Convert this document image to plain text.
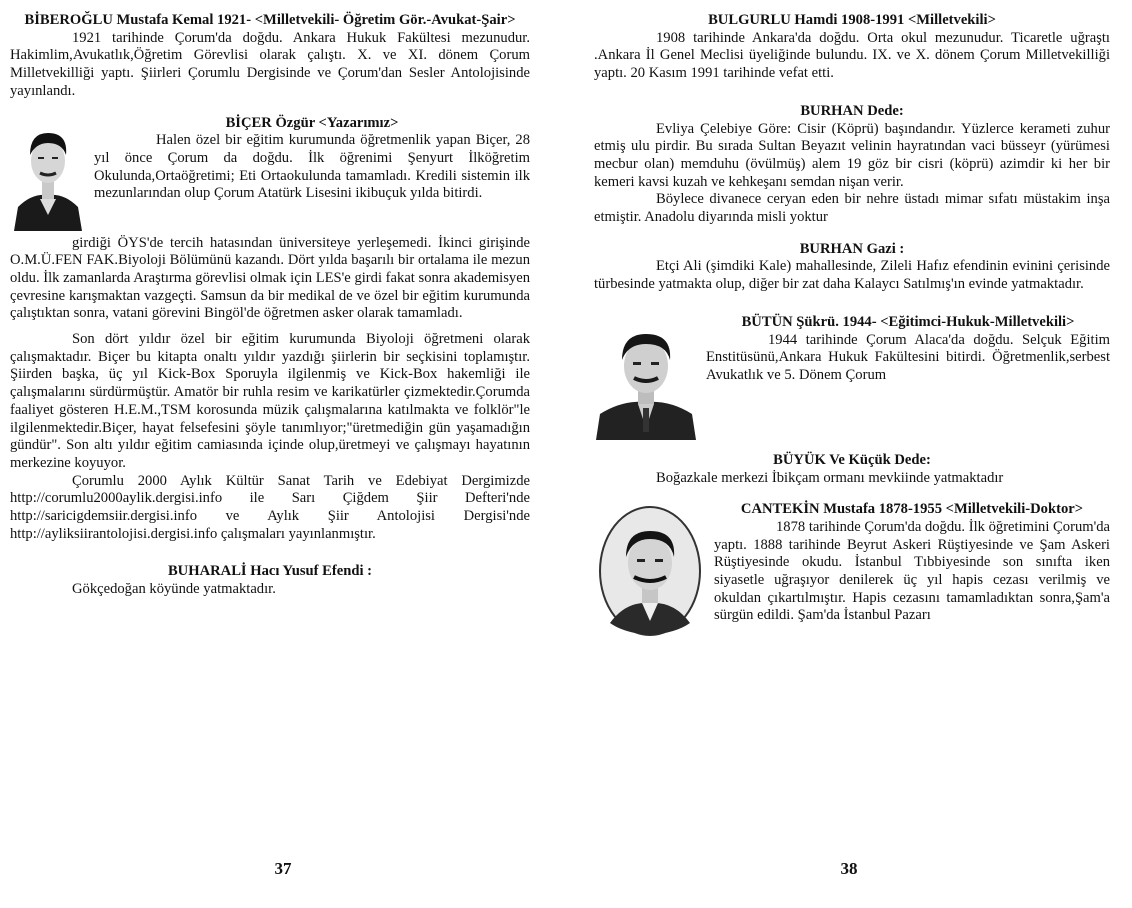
BİBEROĞLU Mustafa Kemal 1921- <Milletvekili- Öğretim Gör.-Avukat-Şair>

1921 tarihinde Çorum'da doğdu. Ankara Hukuk Fakültesi mezunudur. Hakimlim,Avukatlık,Öğretim Görevlisi olarak çalıştı. X. ve XI. dönem Çorum Milletvekilliği yaptı. Şiirleri Çorumlu Dergisinde ve Çorum'dan Sesler Antolojisinde yayınlandı.

BİÇER Özgür <Yazarımız>

Halen özel bir eğitim kurumunda öğretmenlik yapan Biçer, 28 yıl önce Çorum da doğdu. İlk öğrenimi Şenyurt İlköğretim Okulunda,Ortaöğretimi; Eti Ortaokulunda tamamladı. Kredili sistemin ilk mezunlarından olup Çorum Atatürk Lisesini ikibuçuk yılda bitirdi.

girdiği ÖYS'de tercih hatasından üniversiteye yerleşemedi. İkinci girişinde O.M.Ü.FEN FAK.Biyoloji Bölümünü kazandı. Dört yılda başarılı bir ortalama ile mezun oldu. İlk zamanlarda Araştırma görevlisi olmak için LES'e girdi fakat sonra akademisyen çevresine karışmaktan vazgeçti. Samsun da bir medikal de ve özel bir eğitim kurumunda çalıştıktan sonra, vatani görevini Bingöl'de öğretmen asker olarak tamamladı.

Son dört yıldır özel bir eğitim kurumunda Biyoloji öğretmeni olarak çalışmaktadır. Biçer bu kitapta onaltı yıldır yazdığı şiirlerin bir seçkisini toplamıştır. Şiirden başka, üç yıl Kick-Box Sporuyla ilgilenmiş ve Kick-Box hakemliği ile çalışmalarını sürdürmüştür. Amatör bir ruhla resim ve karikatürler çizmektedir.Çorumda faaliyet gösteren H.E.M.,TSM korosunda müzik çalışmalarına katılmakta ve folklör"le ilgilenmektedir.Biçer, hayat felsefesini şöyle tanımlıyor;"üretmediğin gün yaşamadığın gündür". Son altı yıldır eğitim camiasında içinde olup,üretmeyi ve çalışmayı hayatının merkezine koyuyor.

Çorumlu 2000 Aylık Kültür Sanat Tarih ve Edebiyat Dergimizde http://corumlu2000aylik.dergisi.info ile Sarı Çiğdem Şiir Defteri'nde http://saricigdemsiir.dergisi.info ve Aylık Şiir Antolojisi Dergisi'nde http://ayliksiirantolojisi.dergisi.info çalışmaları yayınlanmıştır.

BUHARALİ Hacı Yusuf Efendi :

Gökçedoğan köyünde yatmaktadır.

37

BULGURLU Hamdi 1908-1991 <Milletvekili>

1908 tarihinde Ankara'da doğdu. Orta okul mezunudur. Ticaretle uğraştı .Ankara İl Genel Meclisi üyeliğinde bulundu. IX. ve X. dönem Çorum Milletvekilliği yaptı. 20 Kasım 1991 tarihinde vefat etti.

BURHAN Dede:

Evliya Çelebiye Göre: Cisir (Köprü) başındandır. Yüzlerce kerameti zuhur etmiş ulu pirdir. Bu sırada Sultan Beyazıt velinin hayratından vaci büsseyr (yürümesi mecbur olan) memduhu (övülmüş) alem 19 göz bir cisri (köprü) azimdir ki her bir kemeri kavsi kuzah ve kehkeşanı semdan nişan verir.

Böylece divanece ceryan eden bir nehre üstadı mimar sıfatı müstakim inşa etmiştir. Anadolu diyarında misli yoktur

BURHAN Gazi :

Etçi Ali (şimdiki Kale) mahallesinde, Zileli Hafız efendinin evinini çerisinde türbesinde yatmakta olup, diğer bir zat daha Kalaycı Satılmış'ın evinde yatmaktadır.

BÜTÜN Şükrü. 1944- <Eğitimci-Hukuk-Milletvekili>

1944 tarihinde Çorum Alaca'da doğdu. Selçuk Eğitim Enstitüsünü,Ankara Hukuk Fakültesini bitirdi. Öğretmenlik,serbest Avukatlık ve 5. Dönem Çorum

BÜYÜK Ve Küçük Dede:

Boğazkale merkezi İbikçam ormanı mevkiinde yatmaktadır

CANTEKİN Mustafa 1878-1955 <Milletvekili-Doktor>

1878 tarihinde Çorum'da doğdu. İlk öğretimini Çorum'da yaptı. 1888 tarihinde Beyrut Askeri Rüştiyesinde ve Şam Askeri Rüştiyesinde okudu. İstanbul Tıbbiyesinde son sınıfta iken siyasetle uğraşıyor denilerek üç yıl hapis cezası verilmiş ve okuldan çıkartılmıştır. Hapis cezasını tamamladıktan sonra,Şam'a sürgün edildi. Şam'da İstanbul Pazarı

38
